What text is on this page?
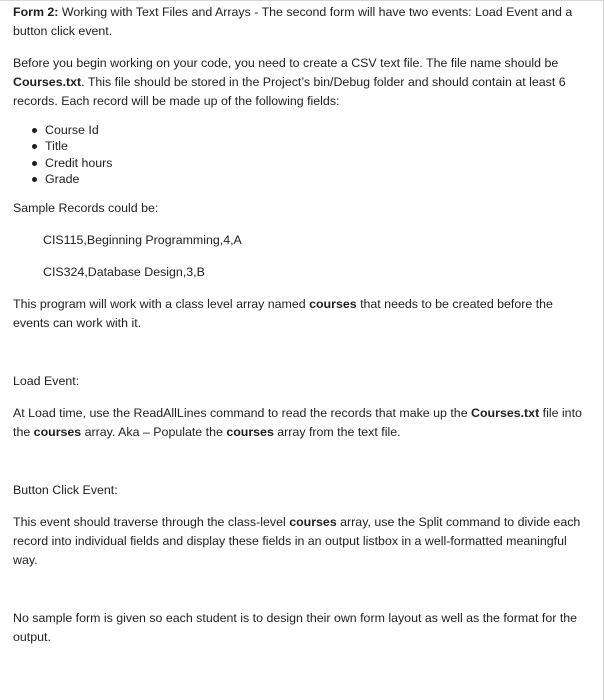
Form 2: Working with Text Files and Arrays - The second form will have two events: Load Event and a button click event.

Before you begin working on your code, you need to create a CSV text file. The file name should be Courses.txt. This file should be stored in the Project’s bin/Debug folder and should contain at least 6 records. Each record will be made up of the following fields:

Course Id
Title
Credit hours
Grade

Sample Records could be:

CIS115,Beginning Programming,4,A

CIS324,Database Design,3,B

This program will work with a class level array named courses that needs to be created before the events can work with it.

Load Event:

At Load time, use the ReadAllLines command to read the records that make up the Courses.txt file into the courses array. Aka – Populate the courses array from the text file.

Button Click Event:

This event should traverse through the class-level courses array, use the Split command to divide each record into individual fields and display these fields in an output listbox in a well-formatted meaningful way.

No sample form is given so each student is to design their own form layout as well as the format for the output.
